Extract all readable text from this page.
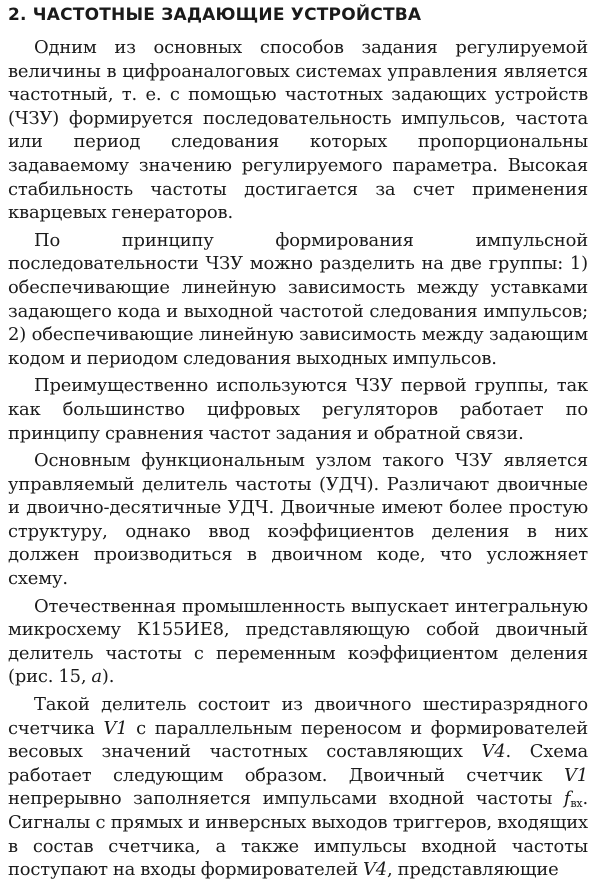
2. ЧАСТОТНЫЕ ЗАДАЮЩИЕ УСТРОЙСТВА

Одним из основных способов задания регулируемой величины в цифроаналоговых системах управления является частотный, т. е. с помощью частотных задающих устройств (ЧЗУ) формируется последовательность импульсов, частота или период следования которых пропорциональны задаваемому значению регулируемого параметра. Высокая стабильность частоты достигается за счет применения кварцевых генераторов.

По принципу формирования импульсной последовательности ЧЗУ можно разделить на две группы: 1) обеспечивающие линейную зависимость между уставками задающего кода и выходной частотой следования импульсов; 2) обеспечивающие линейную зависимость между задающим кодом и периодом следования выходных импульсов.

Преимущественно используются ЧЗУ первой группы, так как большинство цифровых регуляторов работает по принципу сравнения частот задания и обратной связи.

Основным функциональным узлом такого ЧЗУ является управляемый делитель частоты (УДЧ). Различают двоичные и двоично-десятичные УДЧ. Двоичные имеют более простую структуру, однако ввод коэффициентов деления в них должен производиться в двоичном коде, что усложняет схему.

Отечественная промышленность выпускает интегральную микросхему К155ИЕ8, представляющую собой двоичный делитель частоты с переменным коэффициентом деления (рис. 15, а).

Такой делитель состоит из двоичного шестиразрядного счетчика V1 с параллельным переносом и формирователей весовых значений частотных составляющих V4. Схема работает следующим образом. Двоичный счетчик V1 непрерывно заполняется импульсами входной частоты $f_{вх}$. Сигналы с прямых и инверсных выходов триггеров, входящих в состав счетчика, а также импульсы входной частоты поступают на входы формирователей V4, представляющие
